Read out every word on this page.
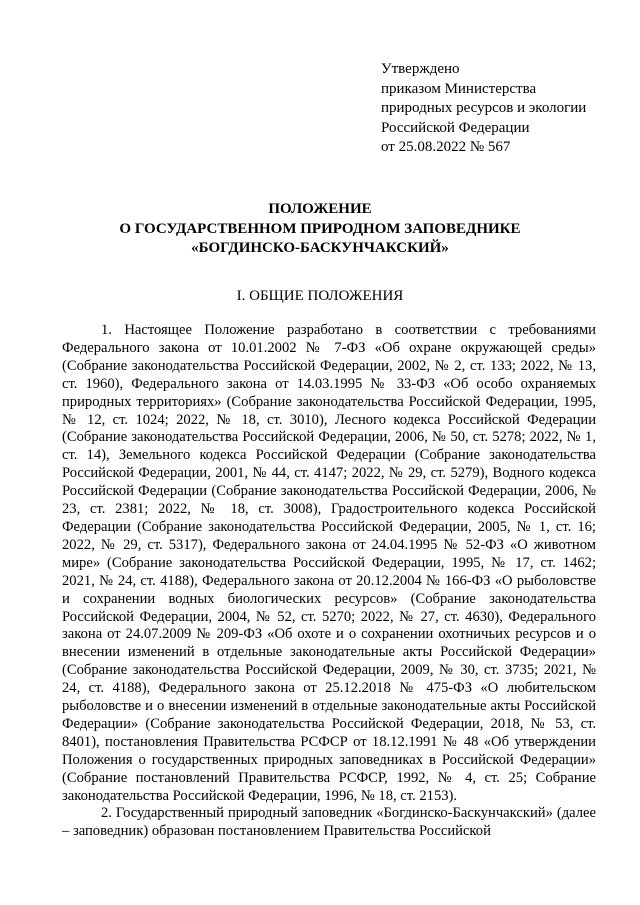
Утверждено
приказом Министерства
природных ресурсов и экологии
Российской Федерации
от 25.08.2022 № 567
ПОЛОЖЕНИЕ
О ГОСУДАРСТВЕННОМ ПРИРОДНОМ ЗАПОВЕДНИКЕ
«БОГДИНСКО-БАСКУНЧАКСКИЙ»
I. ОБЩИЕ ПОЛОЖЕНИЯ

1. Настоящее Положение разработано в соответствии с требованиями Федерального закона от 10.01.2002 № 7-ФЗ «Об охране окружающей среды» (Собрание законодательства Российской Федерации, 2002, № 2, ст. 133; 2022, № 13, ст. 1960), Федерального закона от 14.03.1995 № 33-ФЗ «Об особо охраняемых природных территориях» (Собрание законодательства Российской Федерации, 1995, № 12, ст. 1024; 2022, № 18, ст. 3010), Лесного кодекса Российской Федерации (Собрание законодательства Российской Федерации, 2006, № 50, ст. 5278; 2022, № 1, ст. 14), Земельного кодекса Российской Федерации (Собрание законодательства Российской Федерации, 2001, № 44, ст. 4147; 2022, № 29, ст. 5279), Водного кодекса Российской Федерации (Собрание законодательства Российской Федерации, 2006, № 23, ст. 2381; 2022, № 18, ст. 3008), Градостроительного кодекса Российской Федерации (Собрание законодательства Российской Федерации, 2005, № 1, ст. 16; 2022, № 29, ст. 5317), Федерального закона от 24.04.1995 № 52-ФЗ «О животном мире» (Собрание законодательства Российской Федерации, 1995, № 17, ст. 1462; 2021, № 24, ст. 4188), Федерального закона от 20.12.2004 № 166-ФЗ «О рыболовстве и сохранении водных биологических ресурсов» (Собрание законодательства Российской Федерации, 2004, № 52, ст. 5270; 2022, № 27, ст. 4630), Федерального закона от 24.07.2009 № 209-ФЗ «Об охоте и о сохранении охотничьих ресурсов и о внесении изменений в отдельные законодательные акты Российской Федерации» (Собрание законодательства Российской Федерации, 2009, № 30, ст. 3735; 2021, № 24, ст. 4188), Федерального закона от 25.12.2018 № 475-ФЗ «О любительском рыболовстве и о внесении изменений в отдельные законодательные акты Российской Федерации» (Собрание законодательства Российской Федерации, 2018, № 53, ст. 8401), постановления Правительства РСФСР от 18.12.1991 № 48 «Об утверждении Положения о государственных природных заповедниках в Российской Федерации» (Собрание постановлений Правительства РСФСР, 1992, № 4, ст. 25; Собрание законодательства Российской Федерации, 1996, № 18, ст. 2153).

2. Государственный природный заповедник «Богдинско-Баскунчакский» (далее – заповедник) образован постановлением Правительства Российской
